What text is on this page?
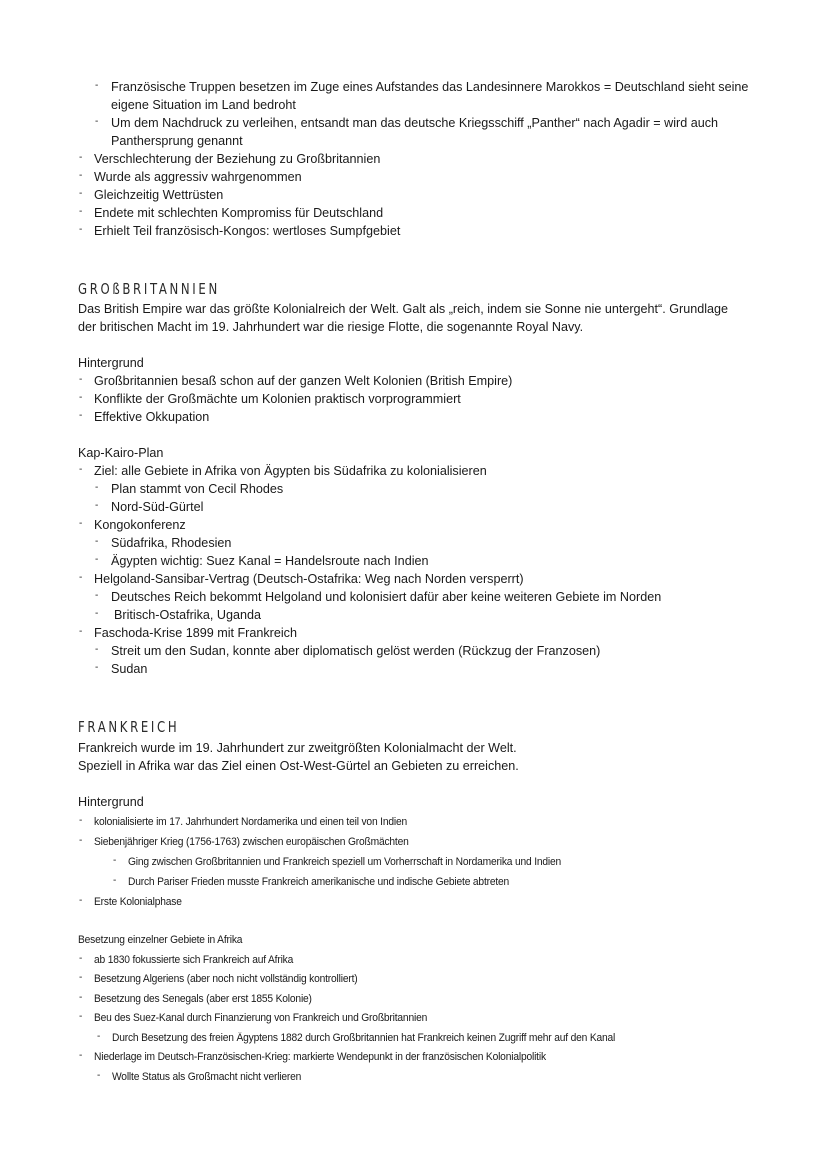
- Französische Truppen besetzen im Zuge eines Aufstandes das Landesinnere Marokkos = Deutschland sieht seine
eigene Situation im Land bedroht
- Um dem Nachdruck zu verleihen, entsandt man das deutsche Kriegsschiff „Panther“ nach Agadir = wird auch
Panthersprung genannt
- Verschlechterung der Beziehung zu Großbritannien
- Wurde als aggressiv wahrgenommen
- Gleichzeitig Wettrüsten
- Endete mit schlechten Kompromiss für Deutschland
- Erhielt Teil französisch-Kongos: wertloses Sumpfgebiet
GROßBRITANNIEN
Das British Empire war das größte Kolonialreich der Welt. Galt als „reich, indem sie Sonne nie untergeht“. Grundlage
der britischen Macht im 19. Jahrhundert war die riesige Flotte, die sogenannte Royal Navy.
Hintergrund
- Großbritannien besaß schon auf der ganzen Welt Kolonien (British Empire)
- Konflikte der Großmächte um Kolonien praktisch vorprogrammiert
- Effektive Okkupation
Kap-Kairo-Plan
- Ziel: alle Gebiete in Afrika von Ägypten bis Südafrika zu kolonialisieren
- Plan stammt von Cecil Rhodes
- Nord-Süd-Gürtel
- Kongokonferenz
- Südafrika, Rhodesien
- Ägypten wichtig: Suez Kanal = Handelsroute nach Indien
- Helgoland-Sansibar-Vertrag (Deutsch-Ostafrika: Weg nach Norden versperrt)
- Deutsches Reich bekommt Helgoland und kolonisiert dafür aber keine weiteren Gebiete im Norden
- Britisch-Ostafrika, Uganda
- Faschoda-Krise 1899 mit Frankreich
- Streit um den Sudan, konnte aber diplomatisch gelöst werden (Rückzug der Franzosen)
- Sudan
FRANKREICH
Frankreich wurde im 19. Jahrhundert zur zweitgrößten Kolonialmacht der Welt.
Speziell in Afrika war das Ziel einen Ost-West-Gürtel an Gebieten zu erreichen.
Hintergrund
- kolonialisierte im 17. Jahrhundert Nordamerika und einen teil von Indien
- Siebenjähriger Krieg (1756-1763) zwischen europäischen Großmächten
- Ging zwischen Großbritannien und Frankreich speziell um Vorherrschaft in Nordamerika und Indien
- Durch Pariser Frieden musste Frankreich amerikanische und indische Gebiete abtreten
- Erste Kolonialphase
Besetzung einzelner Gebiete in Afrika
- ab 1830 fokussierte sich Frankreich auf Afrika
- Besetzung Algeriens (aber noch nicht vollständig kontrolliert)
- Besetzung des Senegals (aber erst 1855 Kolonie)
- Beu des Suez-Kanal durch Finanzierung von Frankreich und Großbritannien
- Durch Besetzung des freien Ägyptens 1882 durch Großbritannien hat Frankreich keinen Zugriff mehr auf den Kanal
- Niederlage im Deutsch-Französischen-Krieg: markierte Wendepunkt in der französischen Kolonialpolitik
- Wollte Status als Großmacht nicht verlieren
